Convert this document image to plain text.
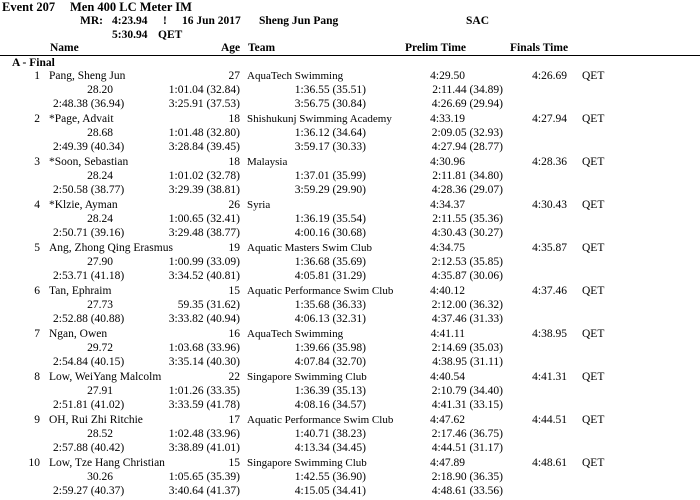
Event 207 Men 400 LC Meter IM
MR: 4:23.94 ! 16 Jun 2017 Sheng Jun Pang	SAC
5:30.94 QET
Name	Age Team	Prelim Time	Finals Time
A - Final
1 Pang, Sheng Jun	27 AquaTech Swimming	4:29.50	4:26.69 QET
28.20	1:01.04 (32.84)	1:36.55 (35.51)	2:11.44 (34.89)
2:48.38 (36.94)	3:25.91 (37.53)	3:56.75 (30.84)	4:26.69 (29.94)
2 *Page, Advait	18 Shishukunj Swimming Academy	4:33.19	4:27.94 QET
28.68	1:01.48 (32.80)	1:36.12 (34.64)	2:09.05 (32.93)
2:49.39 (40.34)	3:28.84 (39.45)	3:59.17 (30.33)	4:27.94 (28.77)
3 *Soon, Sebastian	18 Malaysia	4:30.96	4:28.36 QET
28.24	1:01.02 (32.78)	1:37.01 (35.99)	2:11.81 (34.80)
2:50.58 (38.77)	3:29.39 (38.81)	3:59.29 (29.90)	4:28.36 (29.07)
4 *Klzie, Ayman	26 Syria	4:34.37	4:30.43 QET
28.24	1:00.65 (32.41)	1:36.19 (35.54)	2:11.55 (35.36)
2:50.71 (39.16)	3:29.48 (38.77)	4:00.16 (30.68)	4:30.43 (30.27)
5 Ang, Zhong Qing Erasmus	19 Aquatic Masters Swim Club	4:34.75	4:35.87 QET
27.90	1:00.99 (33.09)	1:36.68 (35.69)	2:12.53 (35.85)
2:53.71 (41.18)	3:34.52 (40.81)	4:05.81 (31.29)	4:35.87 (30.06)
6 Tan, Ephraim	15 Aquatic Performance Swim Club	4:40.12	4:37.46 QET
27.73	59.35 (31.62)	1:35.68 (36.33)	2:12.00 (36.32)
2:52.88 (40.88)	3:33.82 (40.94)	4:06.13 (32.31)	4:37.46 (31.33)
7 Ngan, Owen	16 AquaTech Swimming	4:41.11	4:38.95 QET
29.72	1:03.68 (33.96)	1:39.66 (35.98)	2:14.69 (35.03)
2:54.84 (40.15)	3:35.14 (40.30)	4:07.84 (32.70)	4:38.95 (31.11)
8 Low, WeiYang Malcolm	22 Singapore Swimming Club	4:40.54	4:41.31 QET
27.91	1:01.26 (33.35)	1:36.39 (35.13)	2:10.79 (34.40)
2:51.81 (41.02)	3:33.59 (41.78)	4:08.16 (34.57)	4:41.31 (33.15)
9 OH, Rui Zhi Ritchie	17 Aquatic Performance Swim Club	4:47.62	4:44.51 QET
28.52	1:02.48 (33.96)	1:40.71 (38.23)	2:17.46 (36.75)
2:57.88 (40.42)	3:38.89 (41.01)	4:13.34 (34.45)	4:44.51 (31.17)
10 Low, Tze Hang Christian	15 Singapore Swimming Club	4:47.89	4:48.61 QET
30.26	1:05.65 (35.39)	1:42.55 (36.90)	2:18.90 (36.35)
2:59.27 (40.37)	3:40.64 (41.37)	4:15.05 (34.41)	4:48.61 (33.56)
